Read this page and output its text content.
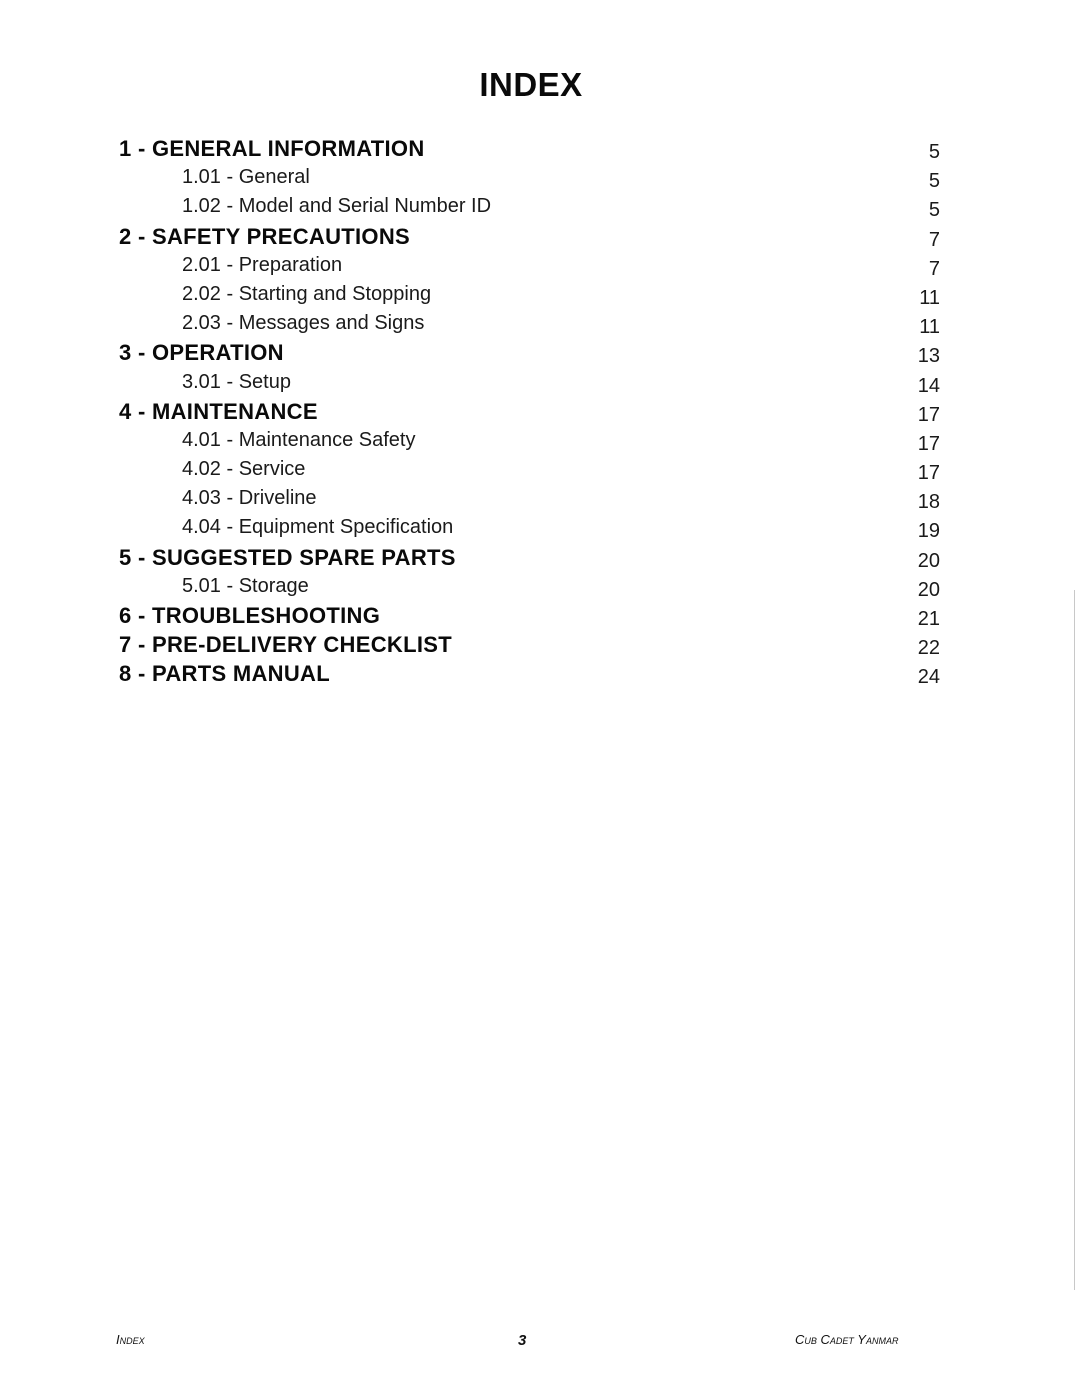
INDEX
1 - GENERAL INFORMATION
1.01 - General
1.02 - Model and Serial Number ID
2 - SAFETY PRECAUTIONS
2.01 - Preparation
2.02 - Starting and Stopping
2.03 - Messages and Signs
3 - OPERATION
3.01 - Setup
4 - MAINTENANCE
4.01 - Maintenance Safety
4.02 - Service
4.03 - Driveline
4.04 - Equipment Specification
5 - SUGGESTED SPARE PARTS
5.01 - Storage
6 - TROUBLESHOOTING
7 - PRE-DELIVERY CHECKLIST
8 - PARTS MANUAL
5
5
5
7
7
11
11
13
14
17
17
17
18
19
20
20
21
22
24
Index	3	Cub Cadet Yanmar
